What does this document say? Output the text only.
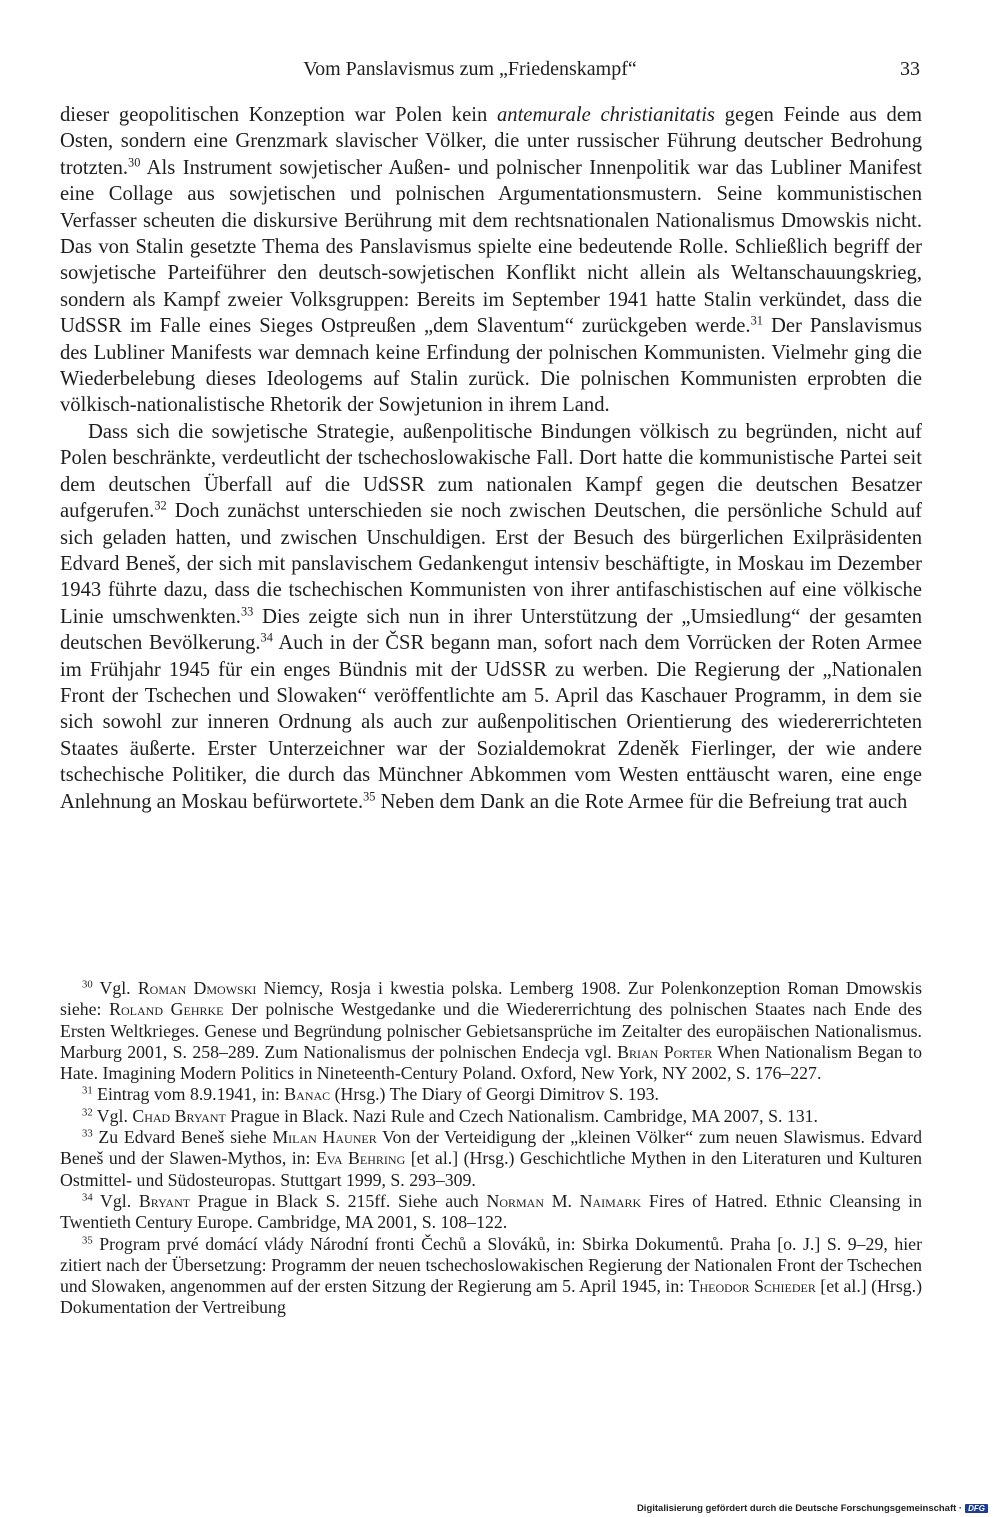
Vom Panslavismus zum „Friedenskampf“	33

dieser geopolitischen Konzeption war Polen kein antemurale christianitatis gegen Feinde aus dem Osten, sondern eine Grenzmark slavischer Völker, die unter russischer Führung deutscher Bedrohung trotzten.$^{30}$ Als Instrument sowjetischer Außen- und polnischer Innenpolitik war das Lubliner Manifest eine Collage aus sowjetischen und polnischen Argumentationsmustern. Seine kommunistischen Verfasser scheuten die diskursive Berührung mit dem rechtsnationalen Nationalismus Dmowskis nicht. Das von Stalin gesetzte Thema des Panslavismus spielte eine bedeutende Rolle. Schließlich begriff der sowjetische Parteiführer den deutsch-sowjetischen Konflikt nicht allein als Weltanschauungskrieg, sondern als Kampf zweier Volksgruppen: Bereits im September 1941 hatte Stalin verkündet, dass die UdSSR im Falle eines Sieges Ostpreußen „dem Slaventum“ zurückgeben werde.$^{31}$ Der Panslavismus des Lubliner Manifests war demnach keine Erfindung der polnischen Kommunisten. Vielmehr ging die Wiederbelebung dieses Ideologems auf Stalin zurück. Die polnischen Kommunisten erprobten die völkisch-nationalistische Rhetorik der Sowjetunion in ihrem Land.

Dass sich die sowjetische Strategie, außenpolitische Bindungen völkisch zu begründen, nicht auf Polen beschränkte, verdeutlicht der tschechoslowakische Fall. Dort hatte die kommunistische Partei seit dem deutschen Überfall auf die UdSSR zum nationalen Kampf gegen die deutschen Besatzer aufgerufen.$^{32}$ Doch zunächst unterschieden sie noch zwischen Deutschen, die persönliche Schuld auf sich geladen hatten, und zwischen Unschuldigen. Erst der Besuch des bürgerlichen Exilpräsidenten Edvard Beneš, der sich mit panslavischem Gedankengut intensiv beschäftigte, in Moskau im Dezember 1943 führte dazu, dass die tschechischen Kommunisten von ihrer antifaschistischen auf eine völkische Linie umschwenkten.$^{33}$ Dies zeigte sich nun in ihrer Unterstützung der „Umsiedlung“ der gesamten deutschen Bevölkerung.$^{34}$ Auch in der ČSR begann man, sofort nach dem Vorrücken der Roten Armee im Frühjahr 1945 für ein enges Bündnis mit der UdSSR zu werben. Die Regierung der „Nationalen Front der Tschechen und Slowaken“ veröffentlichte am 5. April das Kaschauer Programm, in dem sie sich sowohl zur inneren Ordnung als auch zur außenpolitischen Orientierung des wiedererrichteten Staates äußerte. Erster Unterzeichner war der Sozialdemokrat Zdeněk Fierlinger, der wie andere tschechische Politiker, die durch das Münchner Abkommen vom Westen enttäuscht waren, eine enge Anlehnung an Moskau befürwortete.$^{35}$ Neben dem Dank an die Rote Armee für die Befreiung trat auch

$^{30}$ Vgl. Roman Dmowski Niemcy, Rosja i kwestia polska. Lemberg 1908. Zur Polenkonzeption Roman Dmowskis siehe: Roland Gehrke Der polnische Westgedanke und die Wiedererrichtung des polnischen Staates nach Ende des Ersten Weltkrieges. Genese und Begründung polnischer Gebietsansprüche im Zeitalter des europäischen Nationalismus. Marburg 2001, S. 258–289. Zum Nationalismus der polnischen Endecja vgl. Brian Porter When Nationalism Began to Hate. Imagining Modern Politics in Nineteenth-Century Poland. Oxford, New York, NY 2002, S. 176–227.

$^{31}$ Eintrag vom 8.9.1941, in: Banac (Hrsg.) The Diary of Georgi Dimitrov S. 193.

$^{32}$ Vgl. Chad Bryant Prague in Black. Nazi Rule and Czech Nationalism. Cambridge, MA 2007, S. 131.

$^{33}$ Zu Edvard Beneš siehe Milan Hauner Von der Verteidigung der „kleinen Völker“ zum neuen Slawismus. Edvard Beneš und der Slawen-Mythos, in: Eva Behring [et al.] (Hrsg.) Geschichtliche Mythen in den Literaturen und Kulturen Ostmittel- und Südosteuropas. Stuttgart 1999, S. 293–309.

$^{34}$ Vgl. Bryant Prague in Black S. 215ff. Siehe auch Norman M. Naimark Fires of Hatred. Ethnic Cleansing in Twentieth Century Europe. Cambridge, MA 2001, S. 108–122.

$^{35}$ Program prvé domácí vlády Národní fronti Čechů a Slováků, in: Sbirka Dokumentů. Praha [o. J.] S. 9–29, hier zitiert nach der Übersetzung: Programm der neuen tschechoslowakischen Regierung der Nationalen Front der Tschechen und Slowaken, angenommen auf der ersten Sitzung der Regierung am 5. April 1945, in: Theodor Schieder [et al.] (Hrsg.) Dokumentation der Vertreibung

Digitalisierung gefördert durch die Deutsche Forschungsgemeinschaft · DFG
